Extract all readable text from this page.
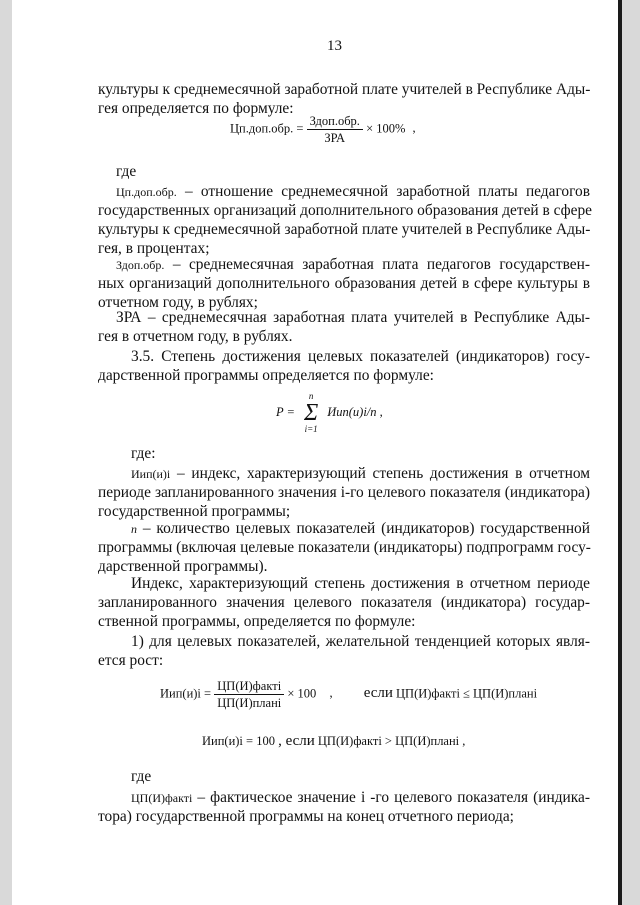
13
культуры к среднемесячной заработной плате учителей в Республике Ады-
гея определяется по формуле:
Цп.доп.обр. = $\frac{\text{Здоп.обр.}}{\text{ЗРА}} \times 100\%$ ,
где
Цп.доп.обр. – отношение среднемесячной заработной платы педагогов
государственных организаций дополнительного образования детей в сфере
культуры к среднемесячной заработной плате учителей в Республике Ады-
гея, в процентах;
Здоп.обр. – среднемесячная заработная плата педагогов государствен-
ных организаций дополнительного образования детей в сфере культуры в
отчетном году, в рублях;
ЗРА – среднемесячная заработная плата учителей в Республике Ады-
гея в отчетном году, в рублях.
3.5. Степень достижения целевых показателей (индикаторов) госу-
дарственной программы определяется по формуле:
P =
n
Σ
i=1
Иип(и)i/n ,
где:
Иип(и)i – индекс, характеризующий степень достижения в отчетном
периоде запланированного значения i-го целевого показателя (индикатора)
государственной программы;
n – количество целевых показателей (индикаторов) государственной
программы (включая целевые показатели (индикаторы) подпрограмм госу-
дарственной программы).
Индекс, характеризующий степень достижения в отчетном периоде
запланированного значения целевого показателя (индикатора) государ-
ственной программы, определяется по формуле:
1) для целевых показателей, желательной тенденцией которых явля-
ется рост:
$Иип(и)i = \frac{\text{ЦП(И)фактi}}{\text{ЦП(И)планi}} \times 100$ , если ЦП(И)фактi ≤ ЦП(И)планi
Иип(и)i = 100 , если ЦП(И)фактi > ЦП(И)планi ,
где
ЦП(И)фактi – фактическое значение i -го целевого показателя (индика-
тора) государственной программы на конец отчетного периода;
